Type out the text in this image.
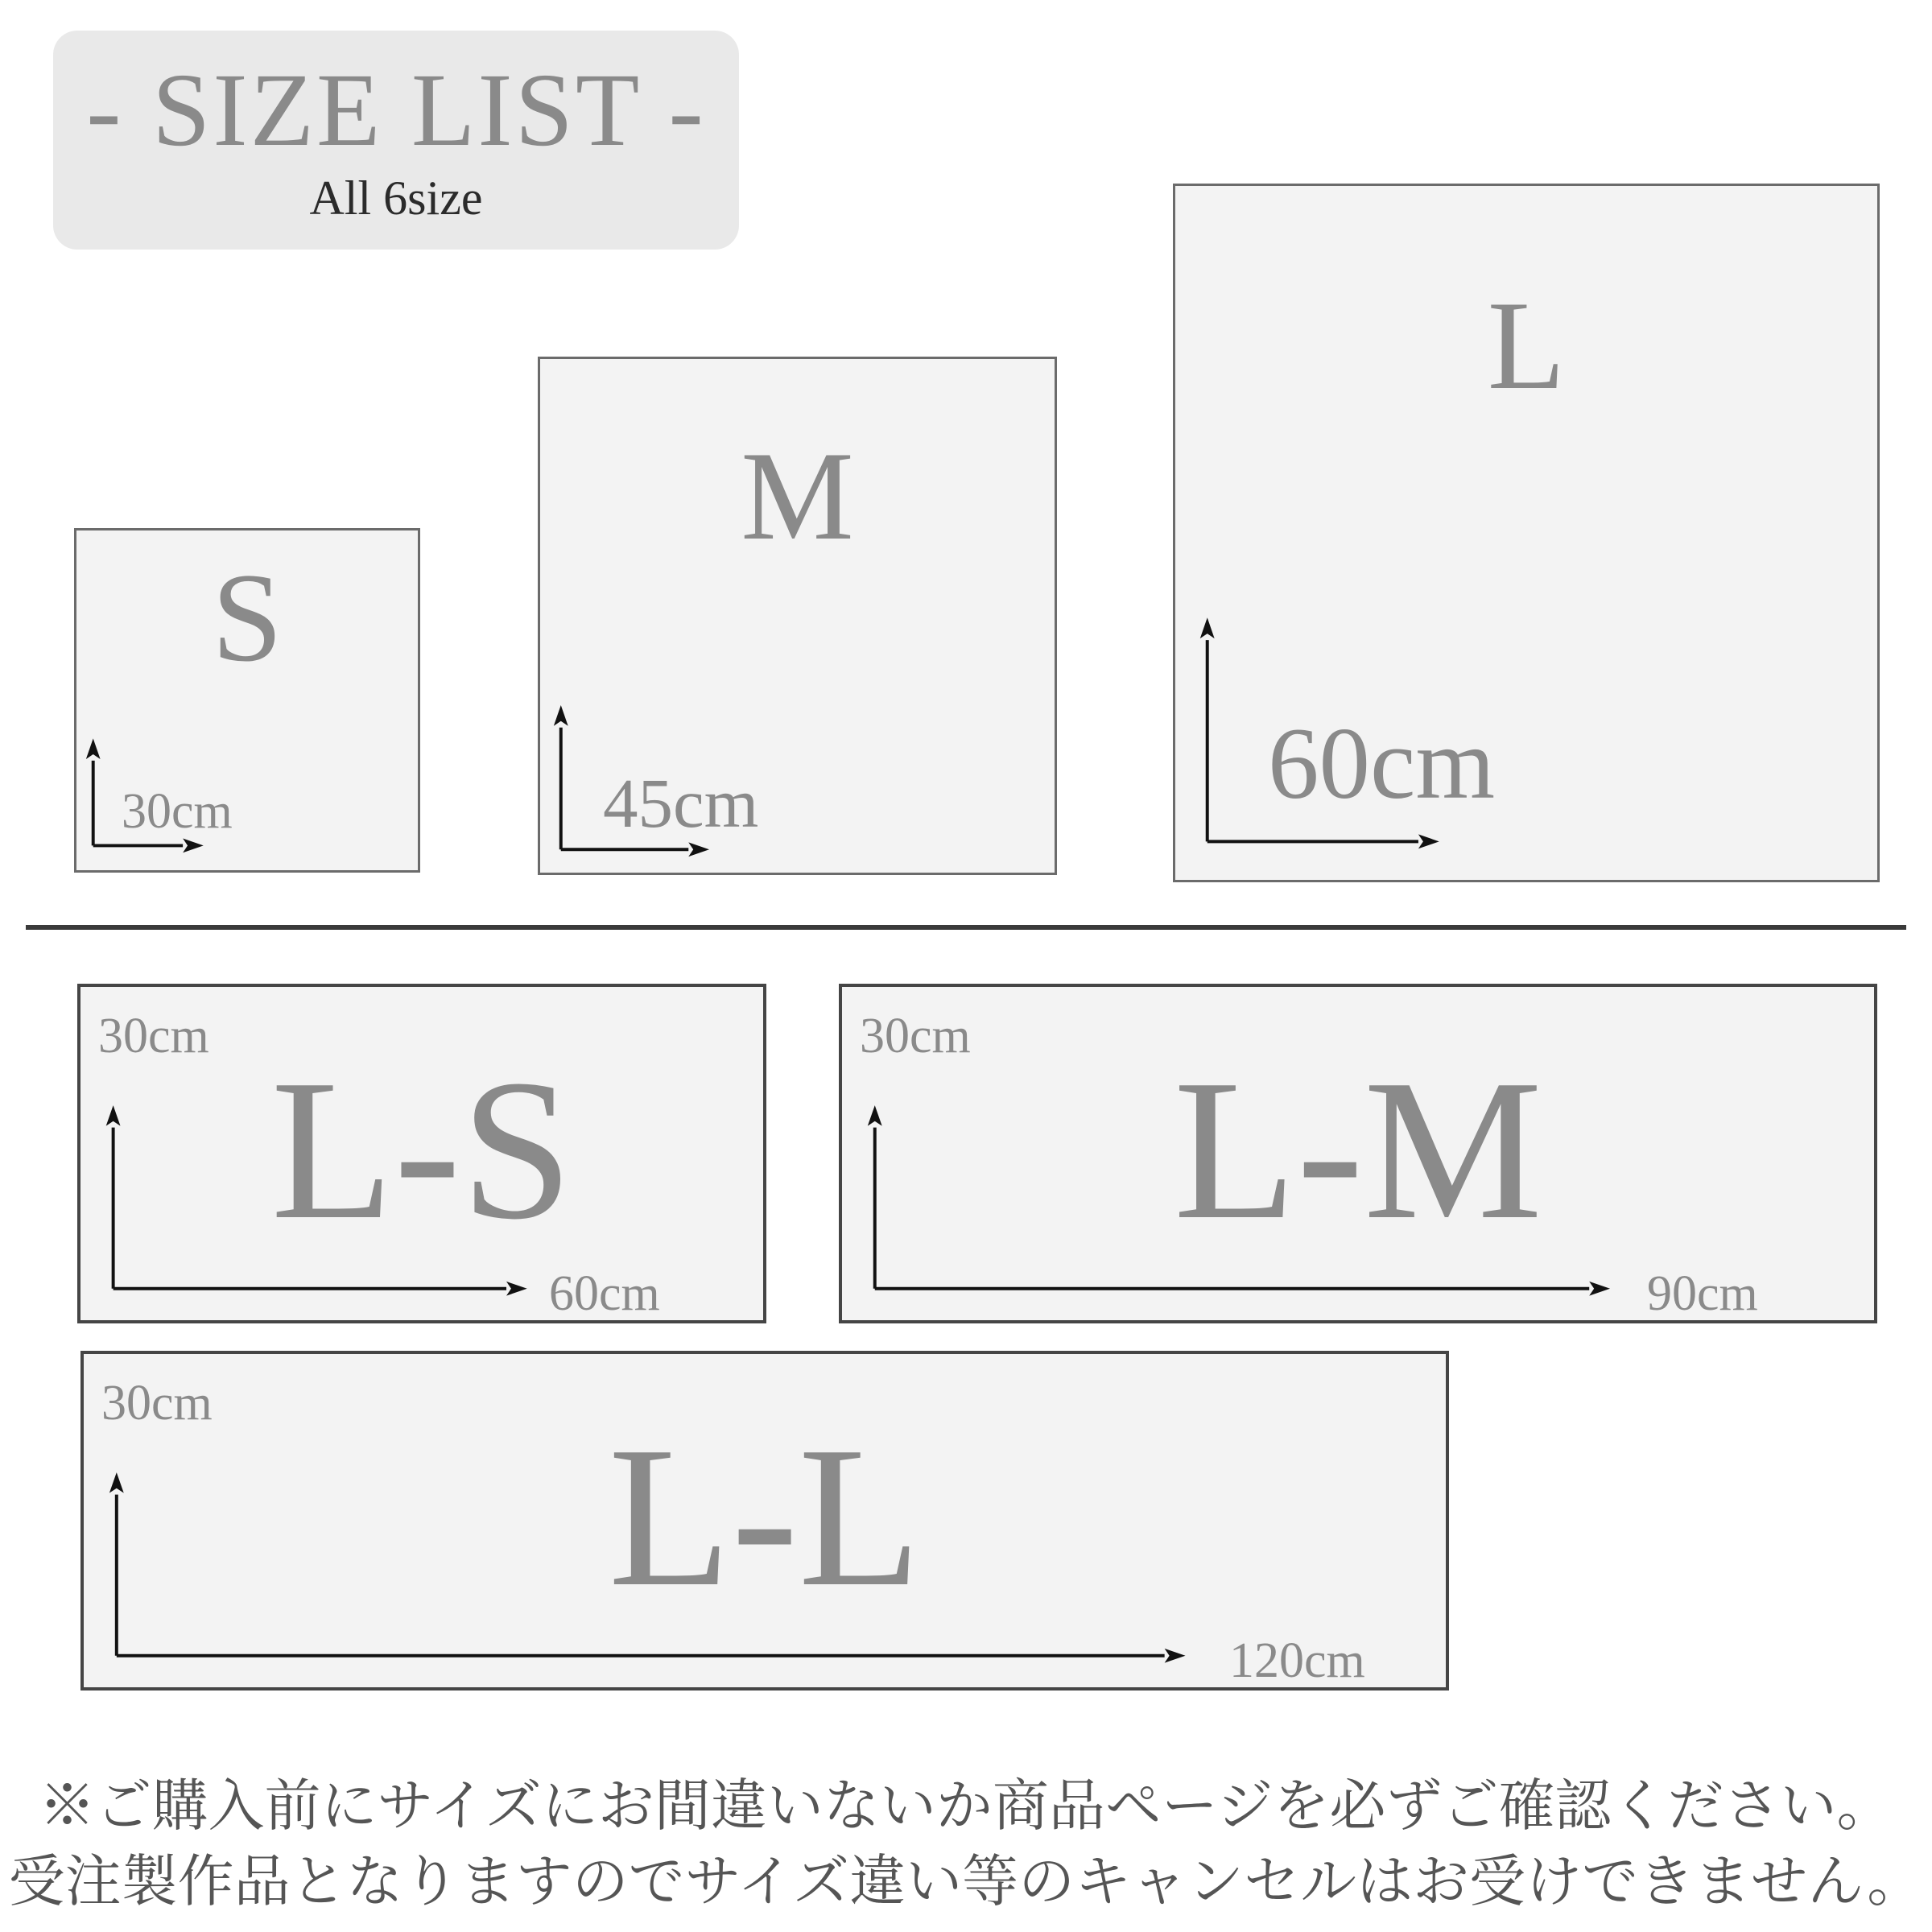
- SIZE LIST -
All 6size
S
30cm
M
45cm
L
60cm
30cm
L-S
60cm
30cm
L-M
90cm
30cm
L-L
120cm
※ご購入前にサイズにお間違いないか商品ページを必ずご確認ください。
受注製作品となりますのでサイズ違い等のキャンセルはお受けできません。
